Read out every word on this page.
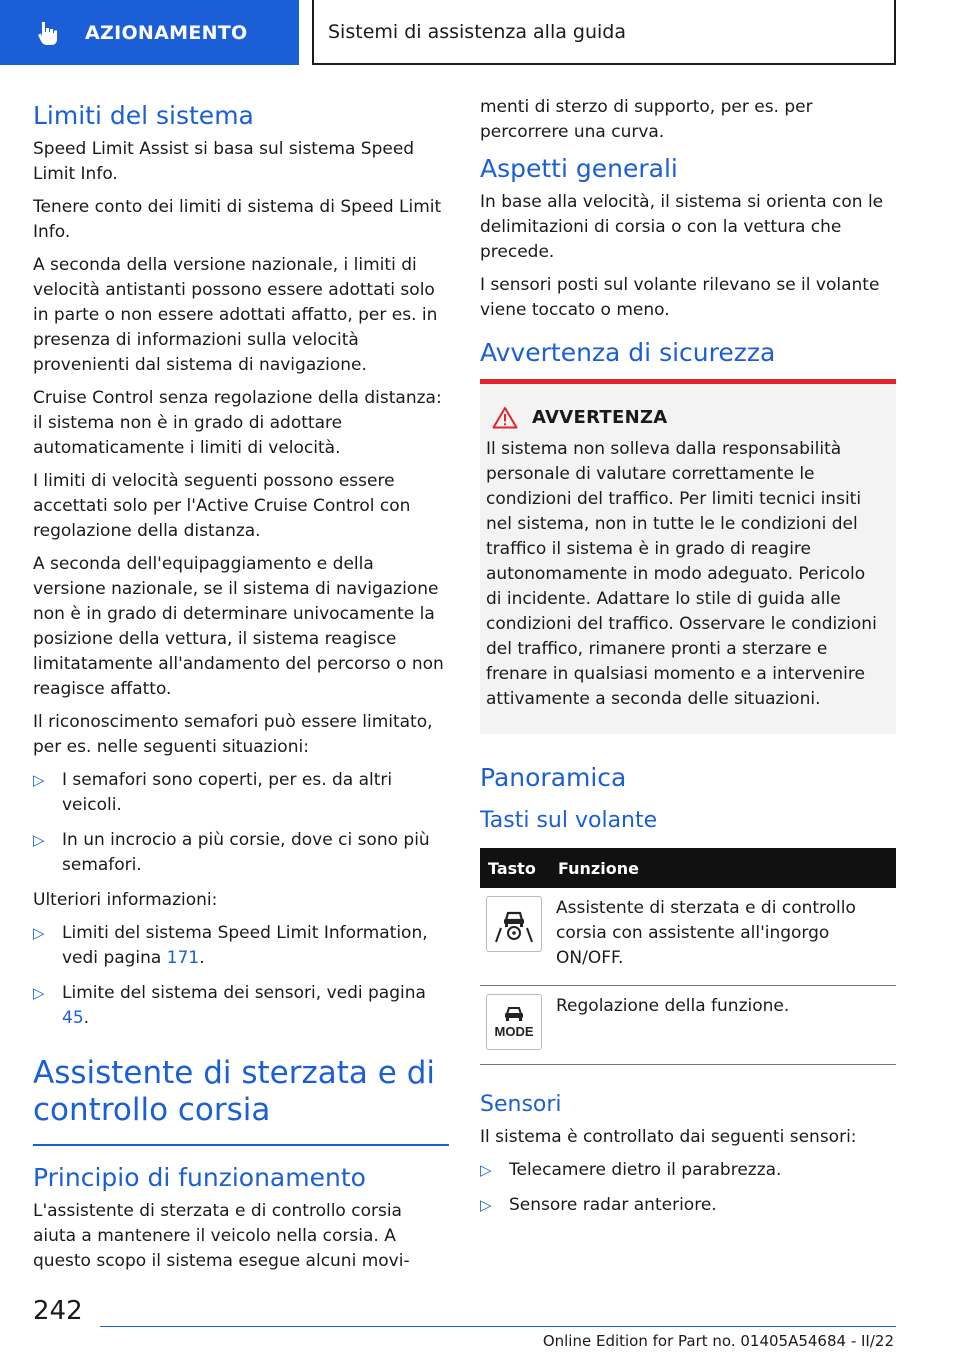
AZIONAMENTO	Sistemi di assistenza alla guida
Limiti del sistema

Speed Limit Assist si basa sul sistema Speed Limit Info.

Tenere conto dei limiti di sistema di Speed Limit Info.

A seconda della versione nazionale, i limiti di velocità antistanti possono essere adottati solo in parte o non essere adottati affatto, per es. in presenza di informazioni sulla velocità provenienti dal sistema di navigazione.

Cruise Control senza regolazione della distanza: il sistema non è in grado di adottare automaticamente i limiti di velocità.

I limiti di velocità seguenti possono essere accettati solo per l'Active Cruise Control con regolazione della distanza.

A seconda dell'equipaggiamento e della versione nazionale, se il sistema di navigazione non è in grado di determinare univocamente la posizione della vettura, il sistema reagisce limitatamente all'andamento del percorso o non reagisce affatto.

Il riconoscimento semafori può essere limitato, per es. nelle seguenti situazioni:

▷ I semafori sono coperti, per es. da altri veicoli.
▷ In un incrocio a più corsie, dove ci sono più semafori.

Ulteriori informazioni:

▷ Limiti del sistema Speed Limit Information, vedi pagina 171.
▷ Limite del sistema dei sensori, vedi pagina 45.
Assistente di sterzata e di controllo corsia
Principio di funzionamento

L'assistente di sterzata e di controllo corsia aiuta a mantenere il veicolo nella corsia. A questo scopo il sistema esegue alcuni movi-

menti di sterzo di supporto, per es. per percorrere una curva.

Aspetti generali

In base alla velocità, il sistema si orienta con le delimitazioni di corsia o con la vettura che precede.

I sensori posti sul volante rilevano se il volante viene toccato o meno.

Avvertenza di sicurezza
AVVERTENZA

Il sistema non solleva dalla responsabilità personale di valutare correttamente le condizioni del traffico. Per limiti tecnici insiti nel sistema, non in tutte le le condizioni del traffico il sistema è in grado di reagire autonomamente in modo adeguato. Pericolo di incidente. Adattare lo stile di guida alle condizioni del traffico. Osservare le condizioni del traffico, rimanere pronti a sterzare e frenare in qualsiasi momento e a intervenire attivamente a seconda delle situazioni.

Panoramica
Tasti sul volante
Tasto	Funzione

	Assistente di sterzata e di controllo corsia con assistente all'ingorgo ON/OFF.

MODE	Regolazione della funzione.
Sensori

Il sistema è controllato dai seguenti sensori:

▷ Telecamere dietro il parabrezza.
▷ Sensore radar anteriore.
242
Online Edition for Part no. 01405A54684 - II/22
